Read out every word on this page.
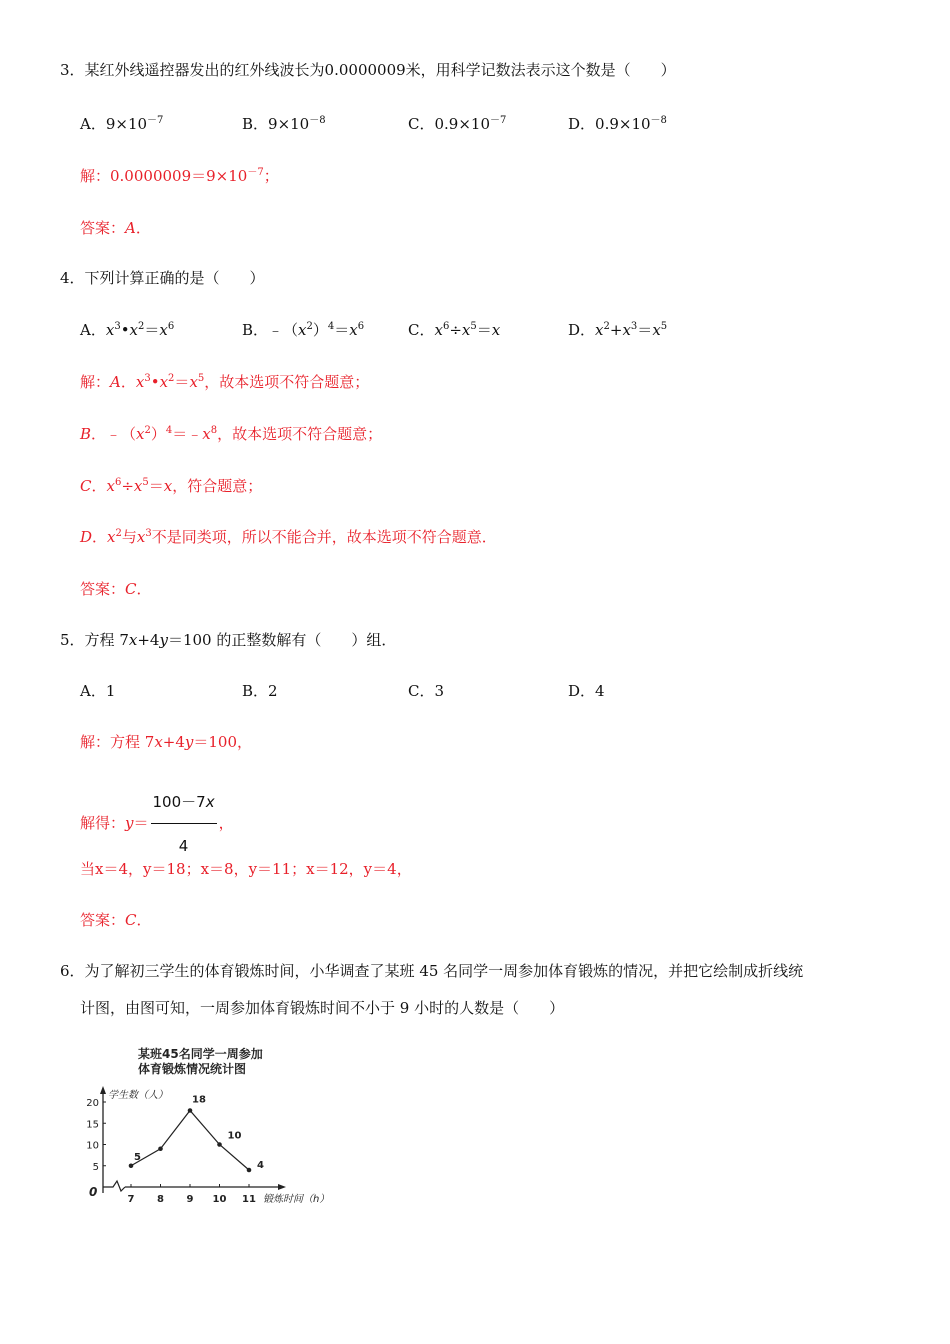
3．某红外线遥控器发出的红外线波长为0.0000009米，用科学记数法表示这个数是（　　）
A．$9\times 10^{-7}$	B．$9\times 10^{-8}$	C．$0.9\times 10^{-7}$	D．$0.9\times 10^{-8}$
解：$0.0000009=9\times 10^{-7}$；
答案：A．
4．下列计算正确的是（　　）
A．$x^3•x^2=x^6$	B．$﹣(x^2)^4=x^6$	C．$x^6\div x^5=x$	D．$x^2+x^3=x^5$
解：A．$x^3•x^2=x^5$，故本选项不符合题意；
B．$﹣(x^2)^4=﹣x^8$，故本选项不符合题意；
C．$x^6\div x^5=x$，符合题意；
D．$x^2$与$x^3$不是同类项，所以不能合并，故本选项不符合题意．
答案：C．
5．方程 7x+4y＝100 的正整数解有（　　）组．
A．1	B．2	C．3	D．4
解：方程 7x+4y＝100，
解得：$y= \frac{100-7x}{4}$ ，
当x＝4，y＝18；x＝8，y＝11；x＝12，y＝4，
答案：C．
6．为了解初三学生的体育锻炼时间，小华调查了某班 45 名同学一周参加体育锻炼的情况，并把它绘制成折线统
计图，由图可知，一周参加体育锻炼时间不小于 9 小时的人数是（　　）
某班45名同学一周参加
体育锻炼情况统计图
学生数（人）
锻炼时间（h）
0
5
10
15
20
7 8 9 10 11
5
18
10
4
